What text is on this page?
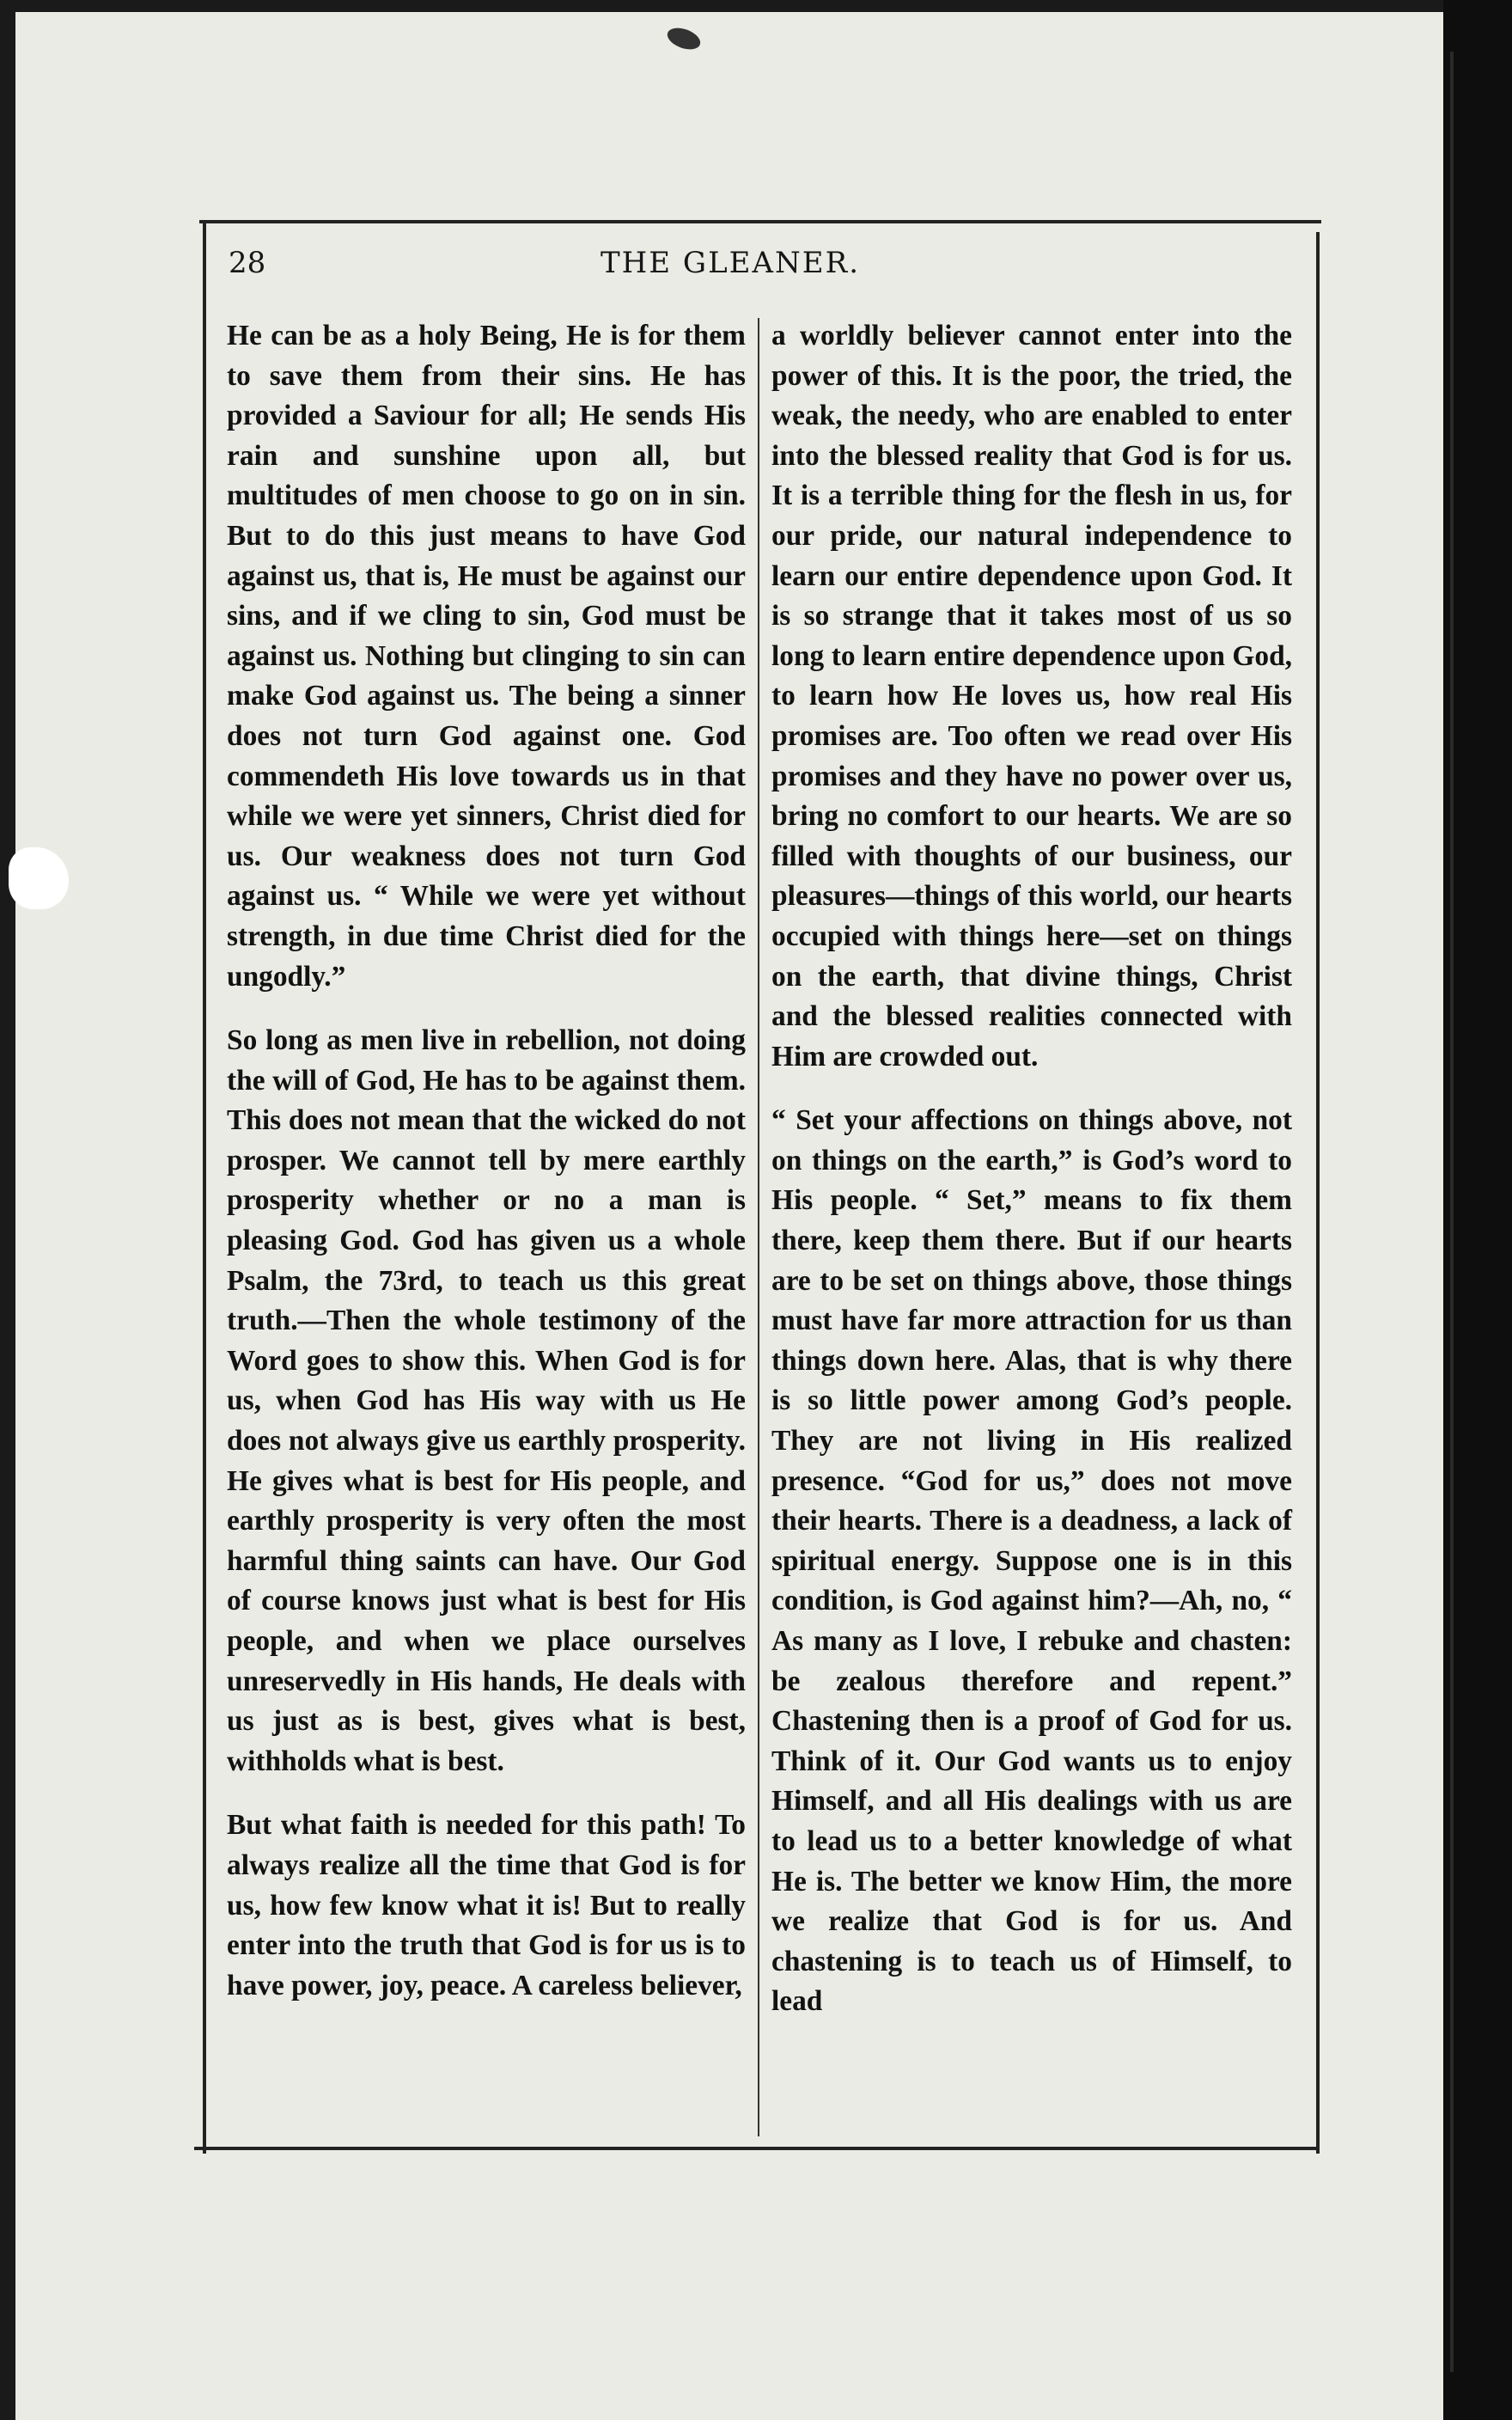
28	THE GLEANER.

He can be as a holy Being, He is for them to save them from their sins. He has provided a Saviour for all; He sends His rain and sunshine upon all, but multitudes of men choose to go on in sin. But to do this just means to have God against us, that is, He must be against our sins, and if we cling to sin, God must be against us. Nothing but clinging to sin can make God against us. The being a sinner does not turn God against one. God commendeth His love towards us in that while we were yet sinners, Christ died for us. Our weakness does not turn God against us. “ While we were yet without strength, in due time Christ died for the ungodly.”

So long as men live in rebellion, not doing the will of God, He has to be against them. This does not mean that the wicked do not prosper. We cannot tell by mere earthly prosperity whether or no a man is pleasing God. God has given us a whole Psalm, the 73rd, to teach us this great truth.—Then the whole testimony of the Word goes to show this. When God is for us, when God has His way with us He does not always give us earthly prosperity. He gives what is best for His people, and earthly prosperity is very often the most harmful thing saints can have. Our God of course knows just what is best for His people, and when we place ourselves unreservedly in His hands, He deals with us just as is best, gives what is best, withholds what is best.

But what faith is needed for this path! To always realize all the time that God is for us, how few know what it is! But to really enter into the truth that God is for us is to have power, joy, peace. A careless believer,

a worldly believer cannot enter into the power of this. It is the poor, the tried, the weak, the needy, who are enabled to enter into the blessed reality that God is for us. It is a terrible thing for the flesh in us, for our pride, our natural independence to learn our entire dependence upon God. It is so strange that it takes most of us so long to learn entire dependence upon God, to learn how He loves us, how real His promises are. Too often we read over His promises and they have no power over us, bring no comfort to our hearts. We are so filled with thoughts of our business, our pleasures—things of this world, our hearts occupied with things here—set on things on the earth, that divine things, Christ and the blessed realities connected with Him are crowded out.

“ Set your affections on things above, not on things on the earth,” is God’s word to His people. “ Set,” means to fix them there, keep them there. But if our hearts are to be set on things above, those things must have far more attraction for us than things down here. Alas, that is why there is so little power among God’s people. They are not living in His realized presence. “God for us,” does not move their hearts. There is a deadness, a lack of spiritual energy. Suppose one is in this condition, is God against him?—Ah, no, “ As many as I love, I rebuke and chasten: be zealous therefore and repent.” Chastening then is a proof of God for us. Think of it. Our God wants us to enjoy Himself, and all His dealings with us are to lead us to a better knowledge of what He is. The better we know Him, the more we realize that God is for us. And chastening is to teach us of Himself, to lead
